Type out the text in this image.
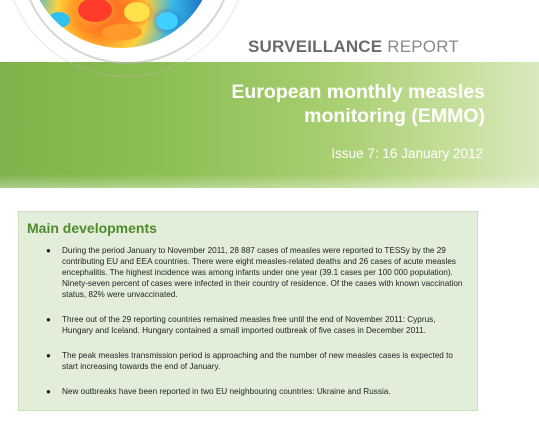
SURVEILLANCE REPORT
European monthly measles monitoring (EMMO)
Issue 7: 16 January 2012
Main developments
● During the period January to November 2011, 28 887 cases of measles were reported to TESSy by the 29 contributing EU and EEA countries. There were eight measles-related deaths and 26 cases of acute measles encephalitis. The highest incidence was among infants under one year (39.1 cases per 100 000 population). Ninety-seven percent of cases were infected in their country of residence. Of the cases with known vaccination status, 82% were unvaccinated.
● Three out of the 29 reporting countries remained measles free until the end of November 2011: Cyprus, Hungary and Iceland. Hungary contained a small imported outbreak of five cases in December 2011.
● The peak measles transmission period is approaching and the number of new measles cases is expected to start increasing towards the end of January.
● New outbreaks have been reported in two EU neighbouring countries: Ukraine and Russia.
